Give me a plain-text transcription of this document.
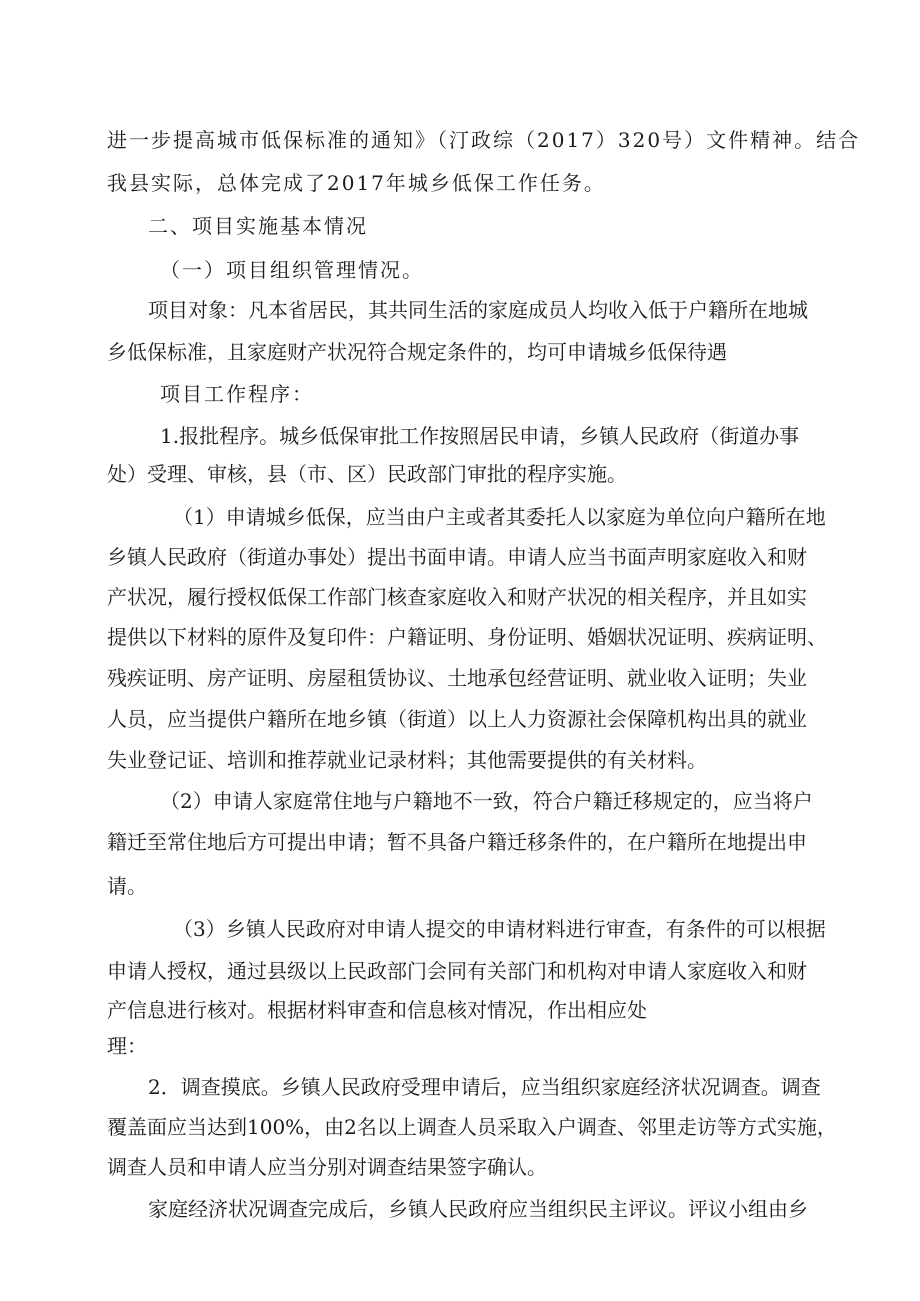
进一步提高城市低保标准的通知》（汀政综（2017）320号）文件精神。结合

我县实际，总体完成了2017年城乡低保工作任务。

二、项目实施基本情况

（一）项目组织管理情况。

项目对象：凡本省居民，其共同生活的家庭成员人均收入低于户籍所在地城

乡低保标准，且家庭财产状况符合规定条件的，均可申请城乡低保待遇

项目工作程序：

1.报批程序。城乡低保审批工作按照居民申请，乡镇人民政府（街道办事

处）受理、审核，县（市、区）民政部门审批的程序实施。

（1）申请城乡低保，应当由户主或者其委托人以家庭为单位向户籍所在地

乡镇人民政府（街道办事处）提出书面申请。申请人应当书面声明家庭收入和财

产状况，履行授权低保工作部门核查家庭收入和财产状况的相关程序，并且如实

提供以下材料的原件及复印件：户籍证明、身份证明、婚姻状况证明、疾病证明、

残疾证明、房产证明、房屋租赁协议、土地承包经营证明、就业收入证明；失业

人员，应当提供户籍所在地乡镇（街道）以上人力资源社会保障机构出具的就业

失业登记证、培训和推荐就业记录材料；其他需要提供的有关材料。

（2）申请人家庭常住地与户籍地不一致，符合户籍迁移规定的，应当将户

籍迁至常住地后方可提出申请；暂不具备户籍迁移条件的，在户籍所在地提出申

请。

（3）乡镇人民政府对申请人提交的申请材料进行审查，有条件的可以根据

申请人授权，通过县级以上民政部门会同有关部门和机构对申请人家庭收入和财

产信息进行核对。根据材料审查和信息核对情况，作出相应处

理：

2．调查摸底。乡镇人民政府受理申请后，应当组织家庭经济状况调查。调查

覆盖面应当达到100%，由2名以上调查人员采取入户调查、邻里走访等方式实施，

调查人员和申请人应当分别对调查结果签字确认。

家庭经济状况调查完成后，乡镇人民政府应当组织民主评议。评议小组由乡
